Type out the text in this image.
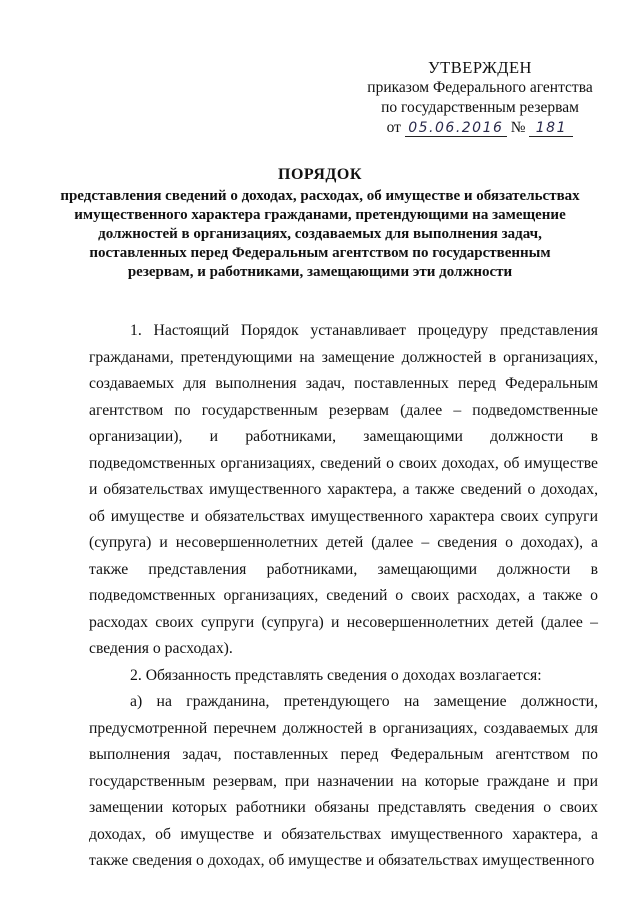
УТВЕРЖДЕН
приказом Федерального агентства
по государственным резервам
от 05.06.2016 № 181
ПОРЯДОК
представления сведений о доходах, расходах, об имуществе и обязательствах имущественного характера гражданами, претендующими на замещение должностей в организациях, создаваемых для выполнения задач, поставленных перед Федеральным агентством по государственным резервам, и работниками, замещающими эти должности

1. Настоящий Порядок устанавливает процедуру представления гражданами, претендующими на замещение должностей в организациях, создаваемых для выполнения задач, поставленных перед Федеральным агентством по государственным резервам (далее – подведомственные организации), и работниками, замещающими должности в подведомственных организациях, сведений о своих доходах, об имуществе и обязательствах имущественного характера, а также сведений о доходах, об имуществе и обязательствах имущественного характера своих супруги (супруга) и несовершеннолетних детей (далее – сведения о доходах), а также представления работниками, замещающими должности в подведомственных организациях, сведений о своих расходах, а также о расходах своих супруги (супруга) и несовершеннолетних детей (далее – сведения о расходах).

2. Обязанность представлять сведения о доходах возлагается:

а) на гражданина, претендующего на замещение должности, предусмотренной перечнем должностей в организациях, создаваемых для выполнения задач, поставленных перед Федеральным агентством по государственным резервам, при назначении на которые граждане и при замещении которых работники обязаны представлять сведения о своих доходах, об имуществе и обязательствах имущественного характера, а также сведения о доходах, об имуществе и обязательствах имущественного
